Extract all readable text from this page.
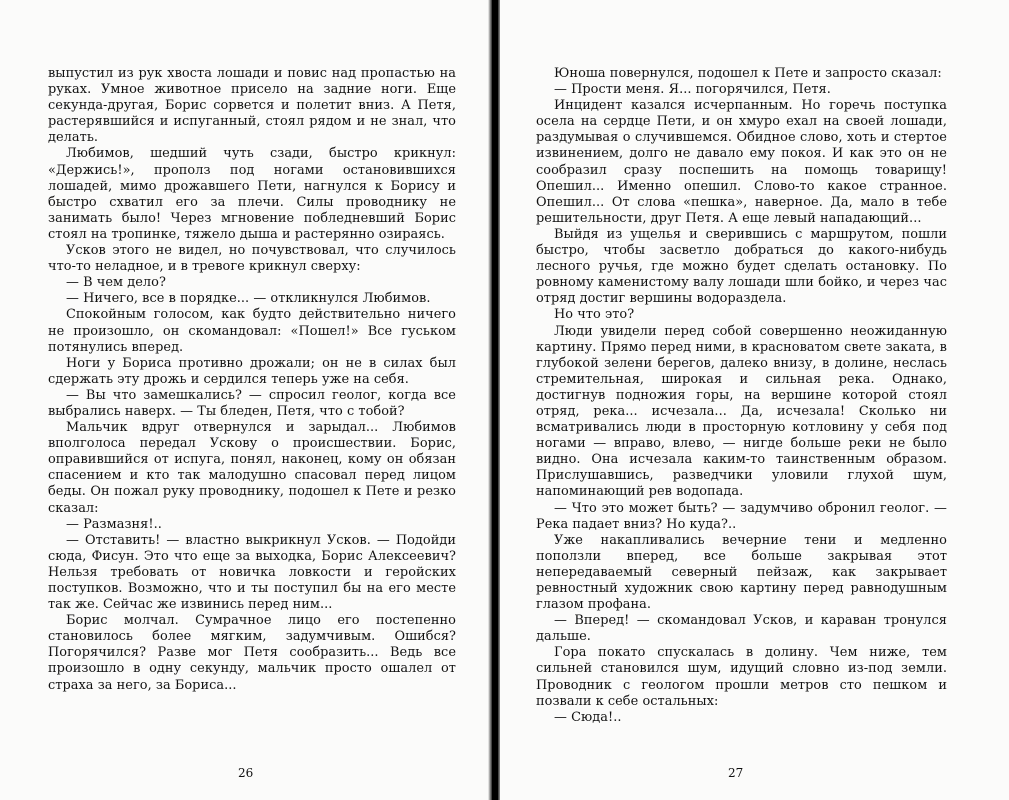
выпустил из рук хвоста лошади и повис над пропастью на руках. Умное животное присело на задние ноги. Еще секунда-другая, Борис сорвется и полетит вниз. А Петя, растерявшийся и испуганный, стоял рядом и не знал, что делать.

Любимов, шедший чуть сзади, быстро крикнул: «Держись!», прополз под ногами остановившихся лошадей, мимо дрожавшего Пети, нагнулся к Борису и быстро схватил его за плечи. Силы проводнику не занимать было! Через мгновение побледневший Борис стоял на тропинке, тяжело дыша и растерянно озираясь.

Усков этого не видел, но почувствовал, что случилось что-то неладное, и в тревоге крикнул сверху:

— В чем дело?

— Ничего, все в порядке... — откликнулся Любимов.

Спокойным голосом, как будто действительно ничего не произошло, он скомандовал: «Пошел!» Все гуськом потянулись вперед.

Ноги у Бориса противно дрожали; он не в силах был сдержать эту дрожь и сердился теперь уже на себя.

— Вы что замешкались? — спросил геолог, когда все выбрались наверх. — Ты бледен, Петя, что с тобой?

Мальчик вдруг отвернулся и зарыдал... Любимов вполголоса передал Ускову о происшествии. Борис, оправившийся от испуга, понял, наконец, кому он обязан спасением и кто так малодушно спасовал перед лицом беды. Он пожал руку проводнику, подошел к Пете и резко сказал:

— Размазня!..

— Отставить! — властно выкрикнул Усков. — Подойди сюда, Фисун. Это что еще за выходка, Борис Алексеевич? Нельзя требовать от новичка ловкости и геройских поступков. Возможно, что и ты поступил бы на его месте так же. Сейчас же извинись перед ним...

Борис молчал. Сумрачное лицо его постепенно становилось более мягким, задумчивым. Ошибся? Погорячился? Разве мог Петя сообразить... Ведь все произошло в одну секунду, мальчик просто ошалел от страха за него, за Бориса...

26

Юноша повернулся, подошел к Пете и запросто сказал:

— Прости меня. Я... погорячился, Петя.

Инцидент казался исчерпанным. Но горечь поступка осела на сердце Пети, и он хмуро ехал на своей лошади, раздумывая о случившемся. Обидное слово, хоть и стертое извинением, долго не давало ему покоя. И как это он не сообразил сразу поспешить на помощь товарищу! Опешил... Именно опешил. Слово-то какое странное. Опешил... От слова «пешка», наверное. Да, мало в тебе решительности, друг Петя. А еще левый нападающий...

Выйдя из ущелья и сверившись с маршрутом, пошли быстро, чтобы засветло добраться до какого-нибудь лесного ручья, где можно будет сделать остановку. По ровному каменистому валу лошади шли бойко, и через час отряд достиг вершины водораздела.

Но что это?

Люди увидели перед собой совершенно неожиданную картину. Прямо перед ними, в красноватом свете заката, в глубокой зелени берегов, далеко внизу, в долине, неслась стремительная, широкая и сильная река. Однако, достигнув подножия горы, на вершине которой стоял отряд, река... исчезала... Да, исчезала! Сколько ни всматривались люди в просторную котловину у себя под ногами — вправо, влево, — нигде больше реки не было видно. Она исчезала каким-то таинственным образом. Прислушавшись, разведчики уловили глухой шум, напоминающий рев водопада.

— Что это может быть? — задумчиво обронил геолог. — Река падает вниз? Но куда?..

Уже накапливались вечерние тени и медленно поползли вперед, все больше закрывая этот непередаваемый северный пейзаж, как закрывает ревностный художник свою картину перед равнодушным глазом профана.

— Вперед! — скомандовал Усков, и караван тронулся дальше.

Гора покато спускалась в долину. Чем ниже, тем сильней становился шум, идущий словно из-под земли. Проводник с геологом прошли метров сто пешком и позвали к себе остальных:

— Сюда!..

27
